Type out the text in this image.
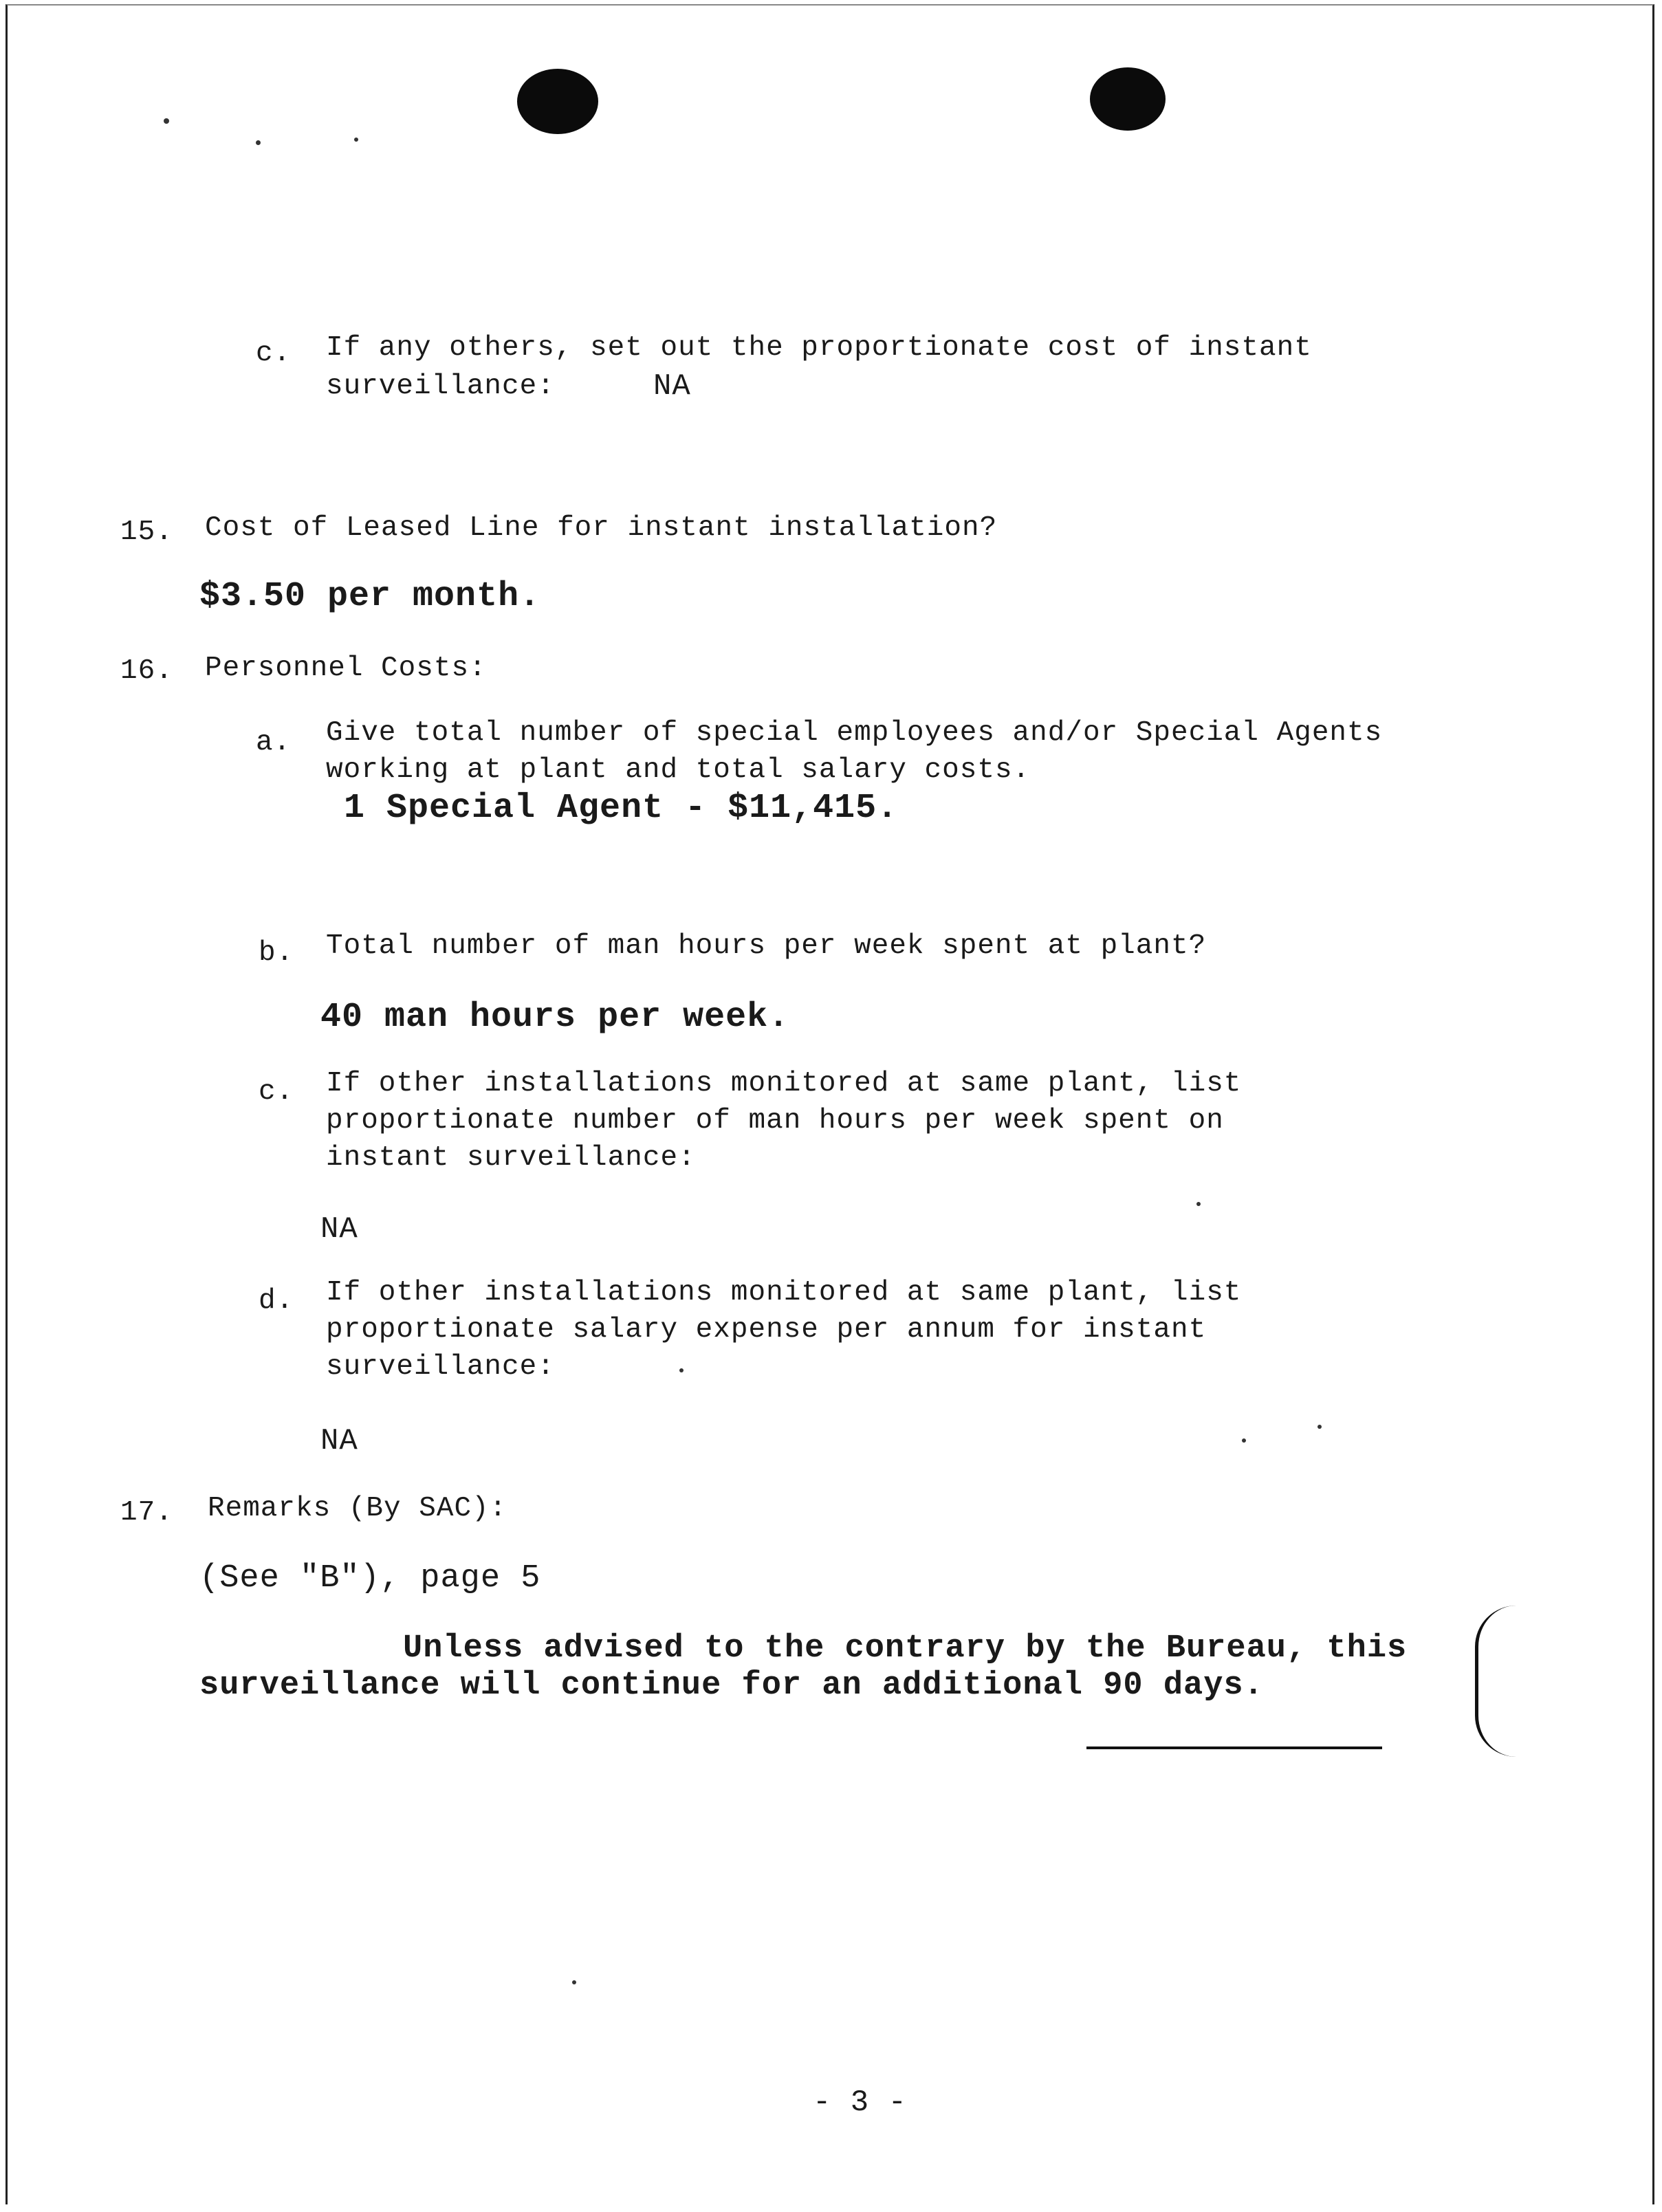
c. If any others, set out the proportionate cost of instant
surveillance:	NA
15. Cost of Leased Line for instant installation?
$3.50 per month.
16. Personnel Costs:
a. Give total number of special employees and/or Special Agents
working at plant and total salary costs.
1 Special Agent - $11,415.
b. Total number of man hours per week spent at plant?
40 man hours per week.
c. If other installations monitored at same plant, list
proportionate number of man hours per week spent on
instant surveillance:
NA
d. If other installations monitored at same plant, list
proportionate salary expense per annum for instant
surveillance:
NA
17. Remarks (By SAC):
(See "B"), page 5
Unless advised to the contrary by the Bureau, this
surveillance will continue for an additional 90 days.
- 3 -
